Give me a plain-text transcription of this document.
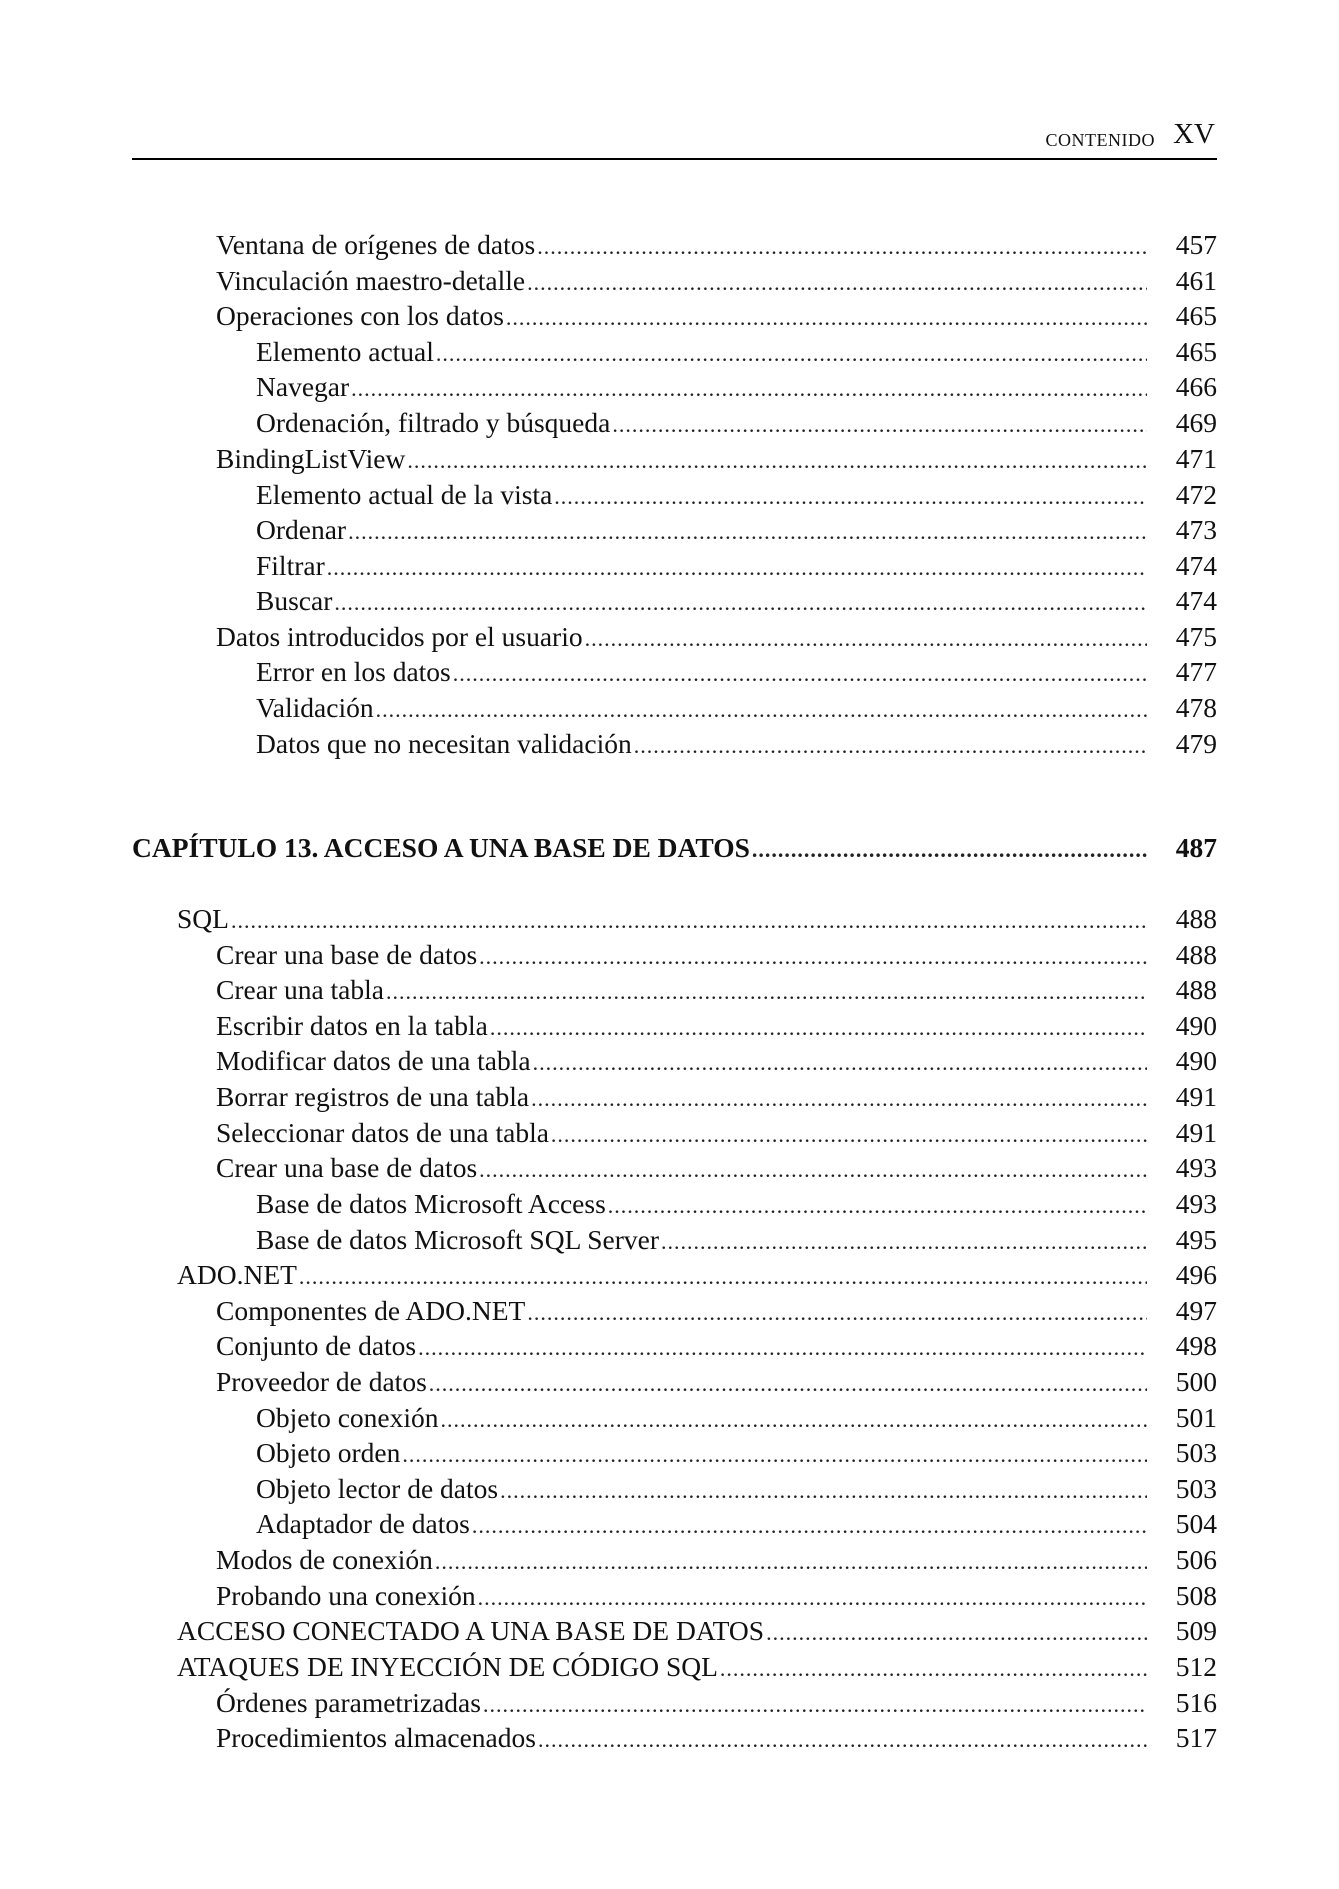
CONTENIDO XV
Ventana de orígenes de datos .....	457
Vinculación maestro-detalle .....	461
Operaciones con los datos .....	465
Elemento actual .....	465
Navegar .....	466
Ordenación, filtrado y búsqueda .....	469
BindingListView .....	471
Elemento actual de la vista .....	472
Ordenar .....	473
Filtrar .....	474
Buscar .....	474
Datos introducidos por el usuario .....	475
Error en los datos .....	477
Validación .....	478
Datos que no necesitan validación .....	479
CAPÍTULO 13. ACCESO A UNA BASE DE DATOS .....	487
SQL .....	488
Crear una base de datos .....	488
Crear una tabla .....	488
Escribir datos en la tabla .....	490
Modificar datos de una tabla .....	490
Borrar registros de una tabla .....	491
Seleccionar datos de una tabla .....	491
Crear una base de datos .....	493
Base de datos Microsoft Access .....	493
Base de datos Microsoft SQL Server .....	495
ADO.NET .....	496
Componentes de ADO.NET .....	497
Conjunto de datos .....	498
Proveedor de datos .....	500
Objeto conexión .....	501
Objeto orden .....	503
Objeto lector de datos .....	503
Adaptador de datos .....	504
Modos de conexión .....	506
Probando una conexión .....	508
ACCESO CONECTADO A UNA BASE DE DATOS .....	509
ATAQUES DE INYECCIÓN DE CÓDIGO SQL .....	512
Órdenes parametrizadas .....	516
Procedimientos almacenados .....	517
